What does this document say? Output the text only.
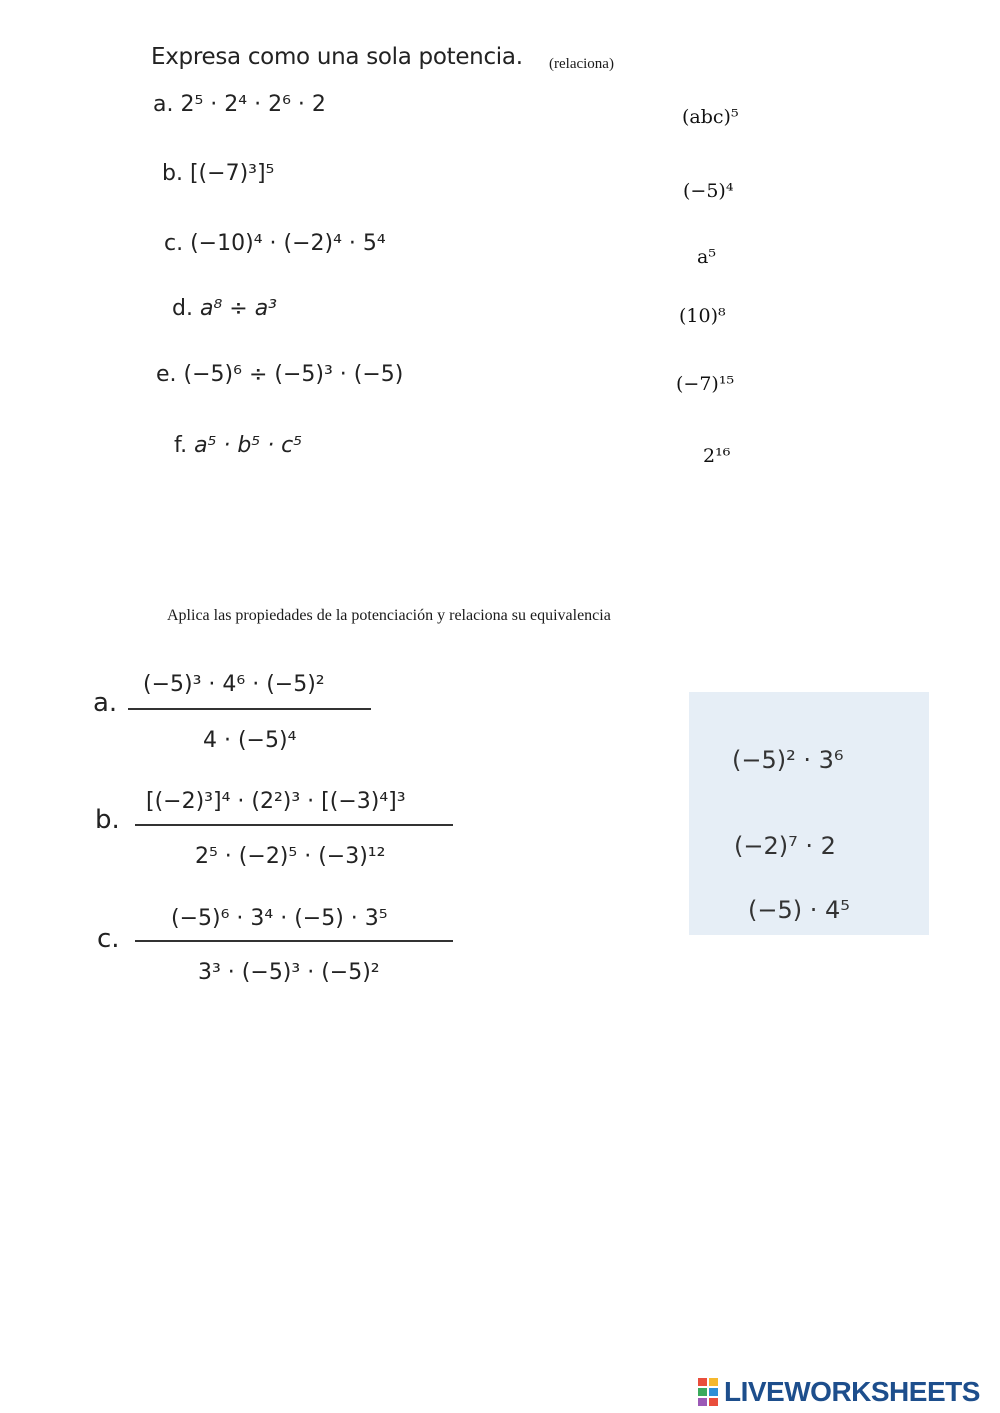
Expresa como una sola potencia. (relaciona)
a. 2⁵ · 2⁴ · 2⁶ · 2
b. [(−7)³]⁵
c. (−10)⁴ · (−2)⁴ · 5⁴
d. a⁸ ÷ a³
e. (−5)⁶ ÷ (−5)³ · (−5)
f. a⁵ · b⁵ · c⁵
(abc)⁵
(−5)⁴
a⁵
(10)⁸
(−7)¹⁵
2¹⁶
Aplica las propiedades de la potenciación y relaciona su equivalencia
a.
(−5)³ · 4⁶ · (−5)²
4 · (−5)⁴
b.
[(−2)³]⁴ · (2²)³ · [(−3)⁴]³
2⁵ · (−2)⁵ · (−3)¹²
c.
(−5)⁶ · 3⁴ · (−5) · 3⁵
3³ · (−5)³ · (−5)²
(−5)² · 3⁶
(−2)⁷ · 2
(−5) · 4⁵
LIVEWORKSHEETS
